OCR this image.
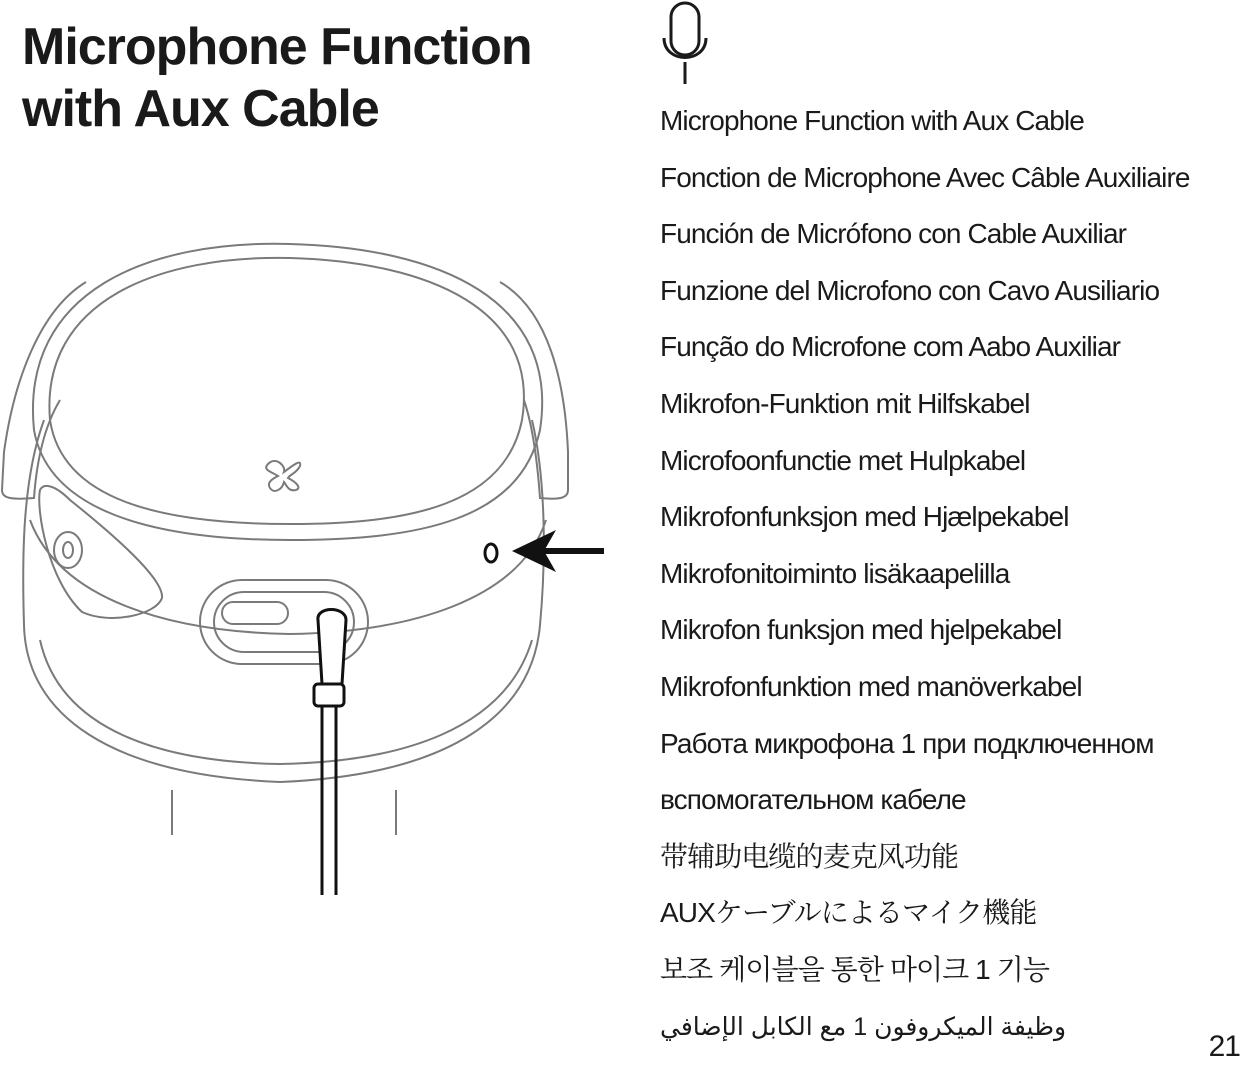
Microphone Function
with Aux Cable	Microphone Function with Aux Cable
Fonction de Microphone Avec Câble Auxiliaire
Función de Micrófono con Cable Auxiliar
Funzione del Microfono con Cavo Ausiliario
Função do Microfone com Aabo Auxiliar
Mikrofon-Funktion mit Hilfskabel
Microfoonfunctie met Hulpkabel
Mikrofonfunksjon med Hjælpekabel
Mikrofonitoiminto lisäkaapelilla
Mikrofon funksjon med hjelpekabel
Mikrofonfunktion med manöverkabel
Работа микрофона 1 при подключенном
вспомогательном кабеле
带辅助电缆的麦克风功能
AUXケーブルによるマイク機能
보조 케이블을 통한 마이크 1 기능
وظيفة الميكروفون 1 مع الكابل الإضافي
21
